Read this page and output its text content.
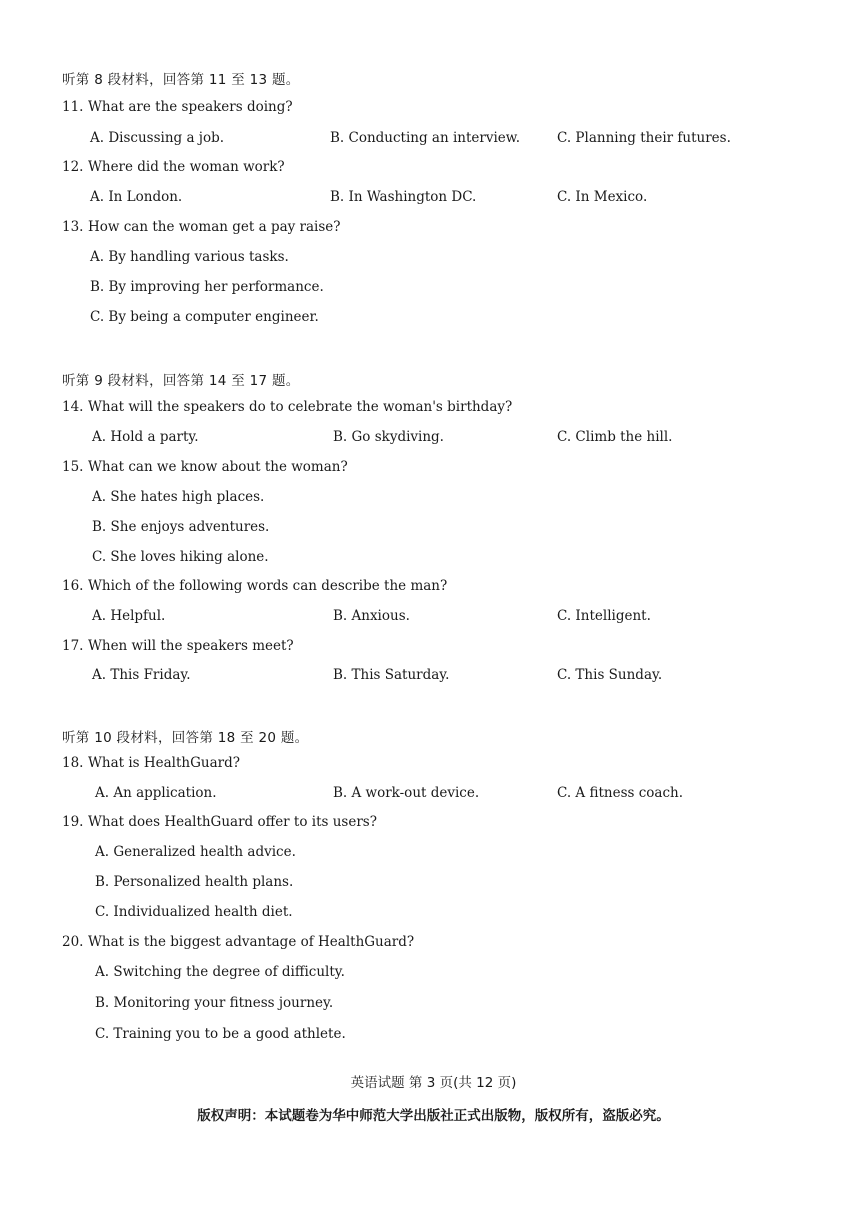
听第 8 段材料，回答第 11 至 13 题。
11. What are the speakers doing?
A. Discussing a job.	B. Conducting an interview.	C. Planning their futures.
12. Where did the woman work?
A. In London.	B. In Washington DC.	C. In Mexico.
13. How can the woman get a pay raise?
A. By handling various tasks.
B. By improving her performance.
C. By being a computer engineer.
听第 9 段材料，回答第 14 至 17 题。
14. What will the speakers do to celebrate the woman's birthday?
A. Hold a party.	B. Go skydiving.	C. Climb the hill.
15. What can we know about the woman?
A. She hates high places.
B. She enjoys adventures.
C. She loves hiking alone.
16. Which of the following words can describe the man?
A. Helpful.	B. Anxious.	C. Intelligent.
17. When will the speakers meet?
A. This Friday.	B. This Saturday.	C. This Sunday.
听第 10 段材料，回答第 18 至 20 题。
18. What is HealthGuard?
A. An application.	B. A work-out device.	C. A fitness coach.
19. What does HealthGuard offer to its users?
A. Generalized health advice.
B. Personalized health plans.
C. Individualized health diet.
20. What is the biggest advantage of HealthGuard?
A. Switching the degree of difficulty.
B. Monitoring your fitness journey.
C. Training you to be a good athlete.
英语试题 第 3 页(共 12 页)
版权声明：本试题卷为华中师范大学出版社正式出版物，版权所有，盗版必究。
